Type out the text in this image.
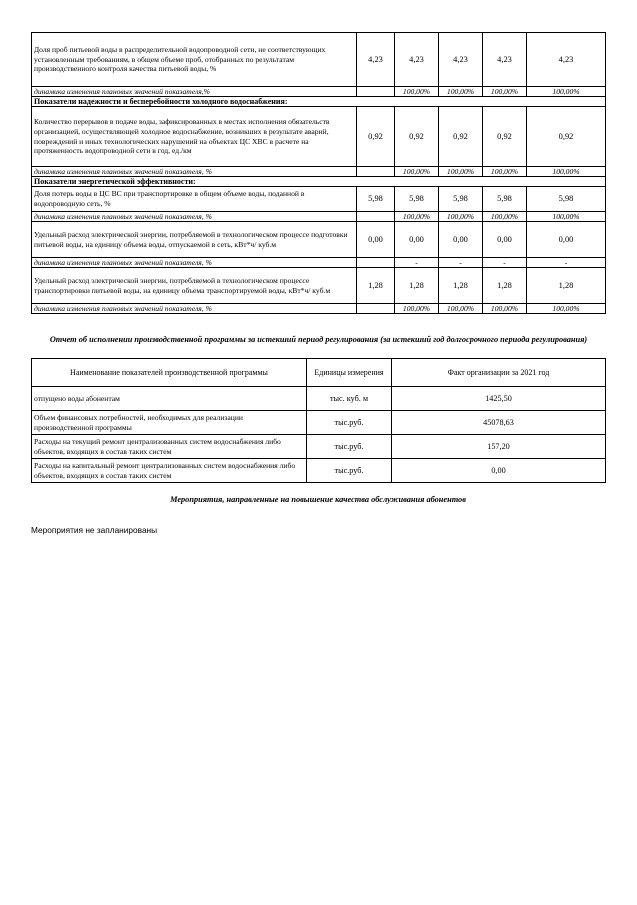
Доля проб питьевой воды в распределительной водопроводной сети, не соответствующих установленным требованиям, в общем объеме проб, отобранных по результатам производственного контроля качества питьевой воды, %	4,23	4,23	4,23	4,23	4,23
динамика изменения плановых значений показателя,%		100,00%	100,00%	100,00%	100,00%
Показатели надежности и бесперебойности холодного водоснабжения:					
Количество перерывов в подаче воды, зафиксированных в местах исполнения обязательств организацией, осуществляющей холодное водоснабжение, возникших в результате аварий, повреждений и иных технологических нарушений на объектах ЦС ХВС в расчете на протяженность водопроводной сети в год, ед./км	0,92	0,92	0,92	0,92	0,92
динамика изменения плановых значений показателя, %		100,00%	100,00%	100,00%	100,00%
Показатели энергетической эффективности:					
Доля потерь воды в ЦС ВС при транспортировке в общем объеме воды, поданной в водопроводную сеть, %	5,98	5,98	5,98	5,98	5,98
динамика изменения плановых значений показателя, %		100,00%	100,00%	100,00%	100,00%
Удельный расход электрической энергии, потребляемой в технологическом процессе подготовки питьевой воды, на единицу объема воды, отпускаемой в сеть, кВт*ч/ куб.м	0,00	0,00	0,00	0,00	0,00
динамика изменения плановых значений показателя, %		-	-	-	-
Удельный расход электрической энергии, потребляемой в технологическом процессе транспортировки питьевой воды, на единицу объема транспортируемой воды, кВт*ч/ куб.м	1,28	1,28	1,28	1,28	1,28
динамика изменения плановых значений показателя, %		100,00%	100,00%	100,00%	100,00%
Отчет об исполнении производственной программы за истекший период регулирования (за истекший год долгосрочного периода регулирования)
Наименование показателей производственной программы	Единицы измерения	Факт организации за 2021 год
отпущено воды абонентам	тыс. куб. м	1425,50
Объем финансовых потребностей, необходимых для реализации производственной программы	тыс.руб.	45078,63
Расходы на текущий ремонт централизованных систем водоснабжения либо объектов, входящих в состав таких систем	тыс.руб.	157,20
Расходы на капитальный ремонт централизованных систем водоснабжения либо объектов, входящих в состав таких систем	тыс.руб.	0,00
Мероприятия, направленные на повышение качества обслуживания абонентов
Мероприятия не запланированы
